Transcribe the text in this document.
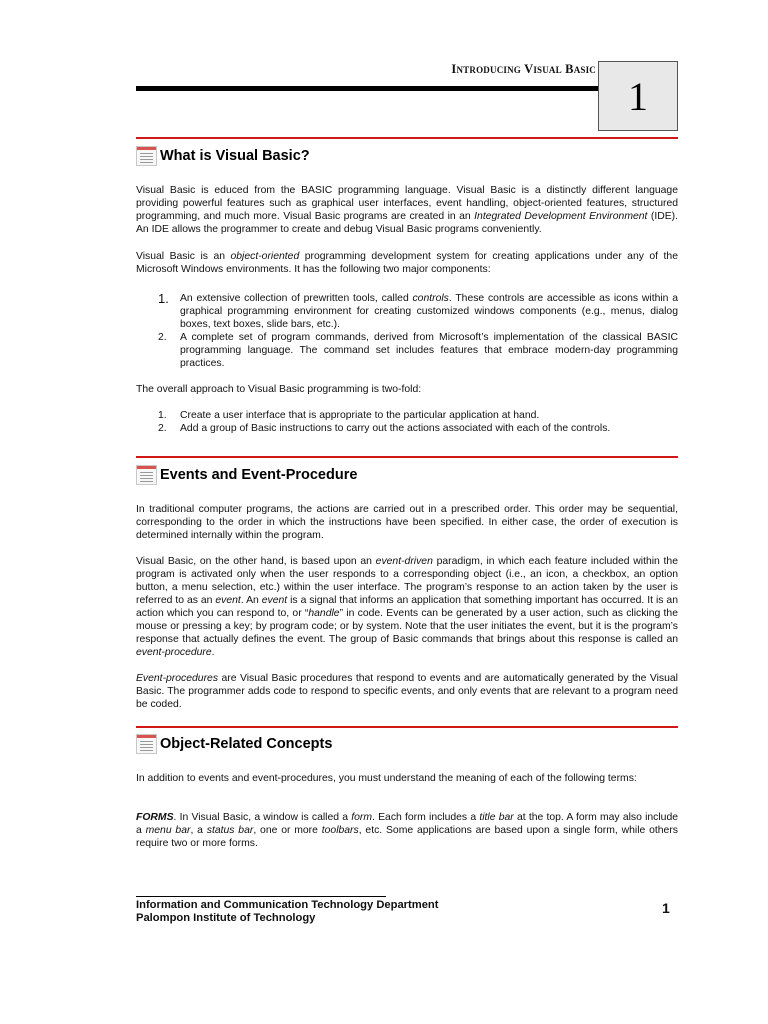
Introducing Visual Basic
1
What is Visual Basic?

Visual Basic is educed from the BASIC programming language. Visual Basic is a distinctly different language providing powerful features such as graphical user interfaces, event handling, object-oriented features, structured programming, and much more. Visual Basic programs are created in an Integrated Development Environment (IDE). An IDE allows the programmer to create and debug Visual Basic programs conveniently.

Visual Basic is an object-oriented programming development system for creating applications under any of the Microsoft Windows environments. It has the following two major components:

1. An extensive collection of prewritten tools, called controls. These controls are accessible as icons within a graphical programming environment for creating customized windows components (e.g., menus, dialog boxes, text boxes, slide bars, etc.).
2. A complete set of program commands, derived from Microsoft’s implementation of the classical BASIC programming language. The command set includes features that embrace modern-day programming practices.

The overall approach to Visual Basic programming is two-fold:

1. Create a user interface that is appropriate to the particular application at hand.
2. Add a group of Basic instructions to carry out the actions associated with each of the controls.
Events and Event-Procedure

In traditional computer programs, the actions are carried out in a prescribed order. This order may be sequential, corresponding to the order in which the instructions have been specified. In either case, the order of execution is determined internally within the program.

Visual Basic, on the other hand, is based upon an event-driven paradigm, in which each feature included within the program is activated only when the user responds to a corresponding object (i.e., an icon, a checkbox, an option button, a menu selection, etc.) within the user interface. The program’s response to an action taken by the user is referred to as an event. An event is a signal that informs an application that something important has occurred. It is an action which you can respond to, or “handle” in code. Events can be generated by a user action, such as clicking the mouse or pressing a key; by program code; or by system. Note that the user initiates the event, but it is the program’s response that actually defines the event. The group of Basic commands that brings about this response is called an event-procedure.

Event-procedures are Visual Basic procedures that respond to events and are automatically generated by the Visual Basic. The programmer adds code to respond to specific events, and only events that are relevant to a program need be coded.

Object-Related Concepts

In addition to events and event-procedures, you must understand the meaning of each of the following terms:

FORMS. In Visual Basic, a window is called a form. Each form includes a title bar at the top. A form may also include a menu bar, a status bar, one or more toolbars, etc. Some applications are based upon a single form, while others require two or more forms.

Information and Communication Technology Department
Palompon Institute of Technology
1
